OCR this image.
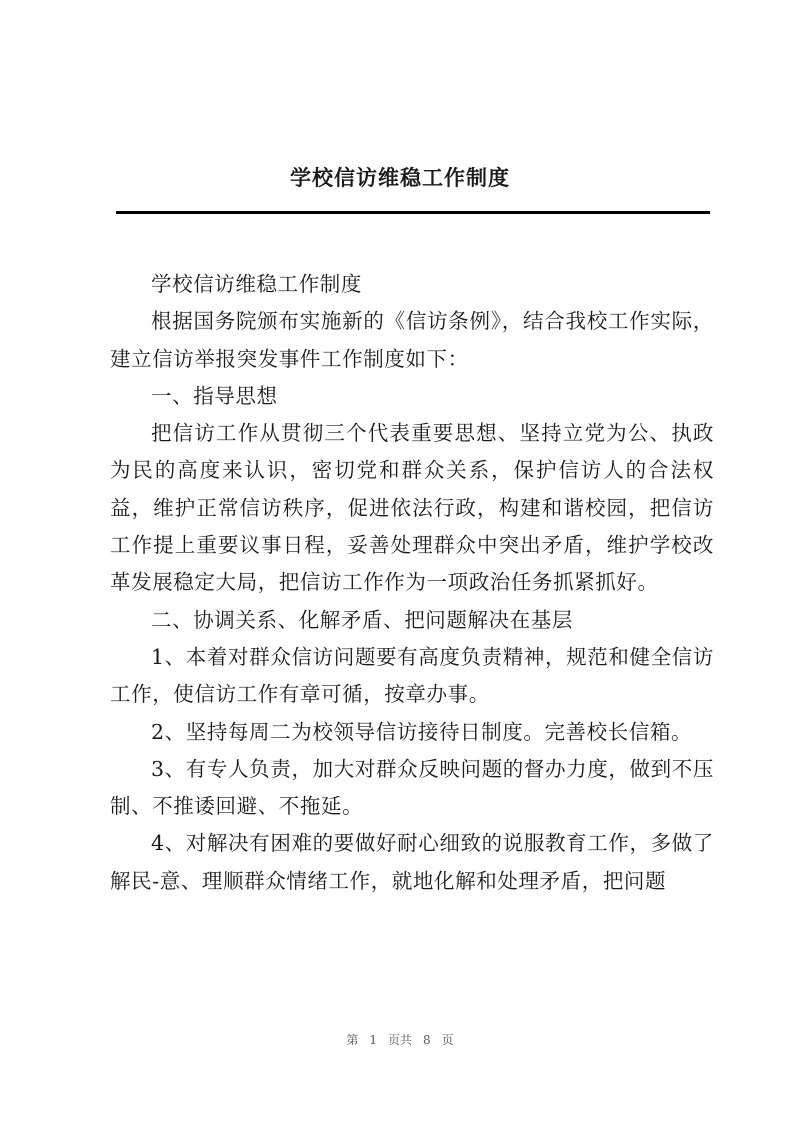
学校信访维稳工作制度

学校信访维稳工作制度

根据国务院颁布实施新的《信访条例》，结合我校工作实际，建立信访举报突发事件工作制度如下：

一、指导思想

把信访工作从贯彻三个代表重要思想、坚持立党为公、执政为民的高度来认识，密切党和群众关系，保护信访人的合法权益，维护正常信访秩序，促进依法行政，构建和谐校园，把信访工作提上重要议事日程，妥善处理群众中突出矛盾，维护学校改革发展稳定大局，把信访工作作为一项政治任务抓紧抓好。

二、协调关系、化解矛盾、把问题解决在基层

1、本着对群众信访问题要有高度负责精神，规范和健全信访工作，使信访工作有章可循，按章办事。

2、坚持每周二为校领导信访接待日制度。完善校长信箱。

3、有专人负责，加大对群众反映问题的督办力度，做到不压制、不推诿回避、不拖延。

4、对解决有困难的要做好耐心细致的说服教育工作，多做了解民-意、理顺群众情绪工作，就地化解和处理矛盾，把问题

第 1 页共 8 页
